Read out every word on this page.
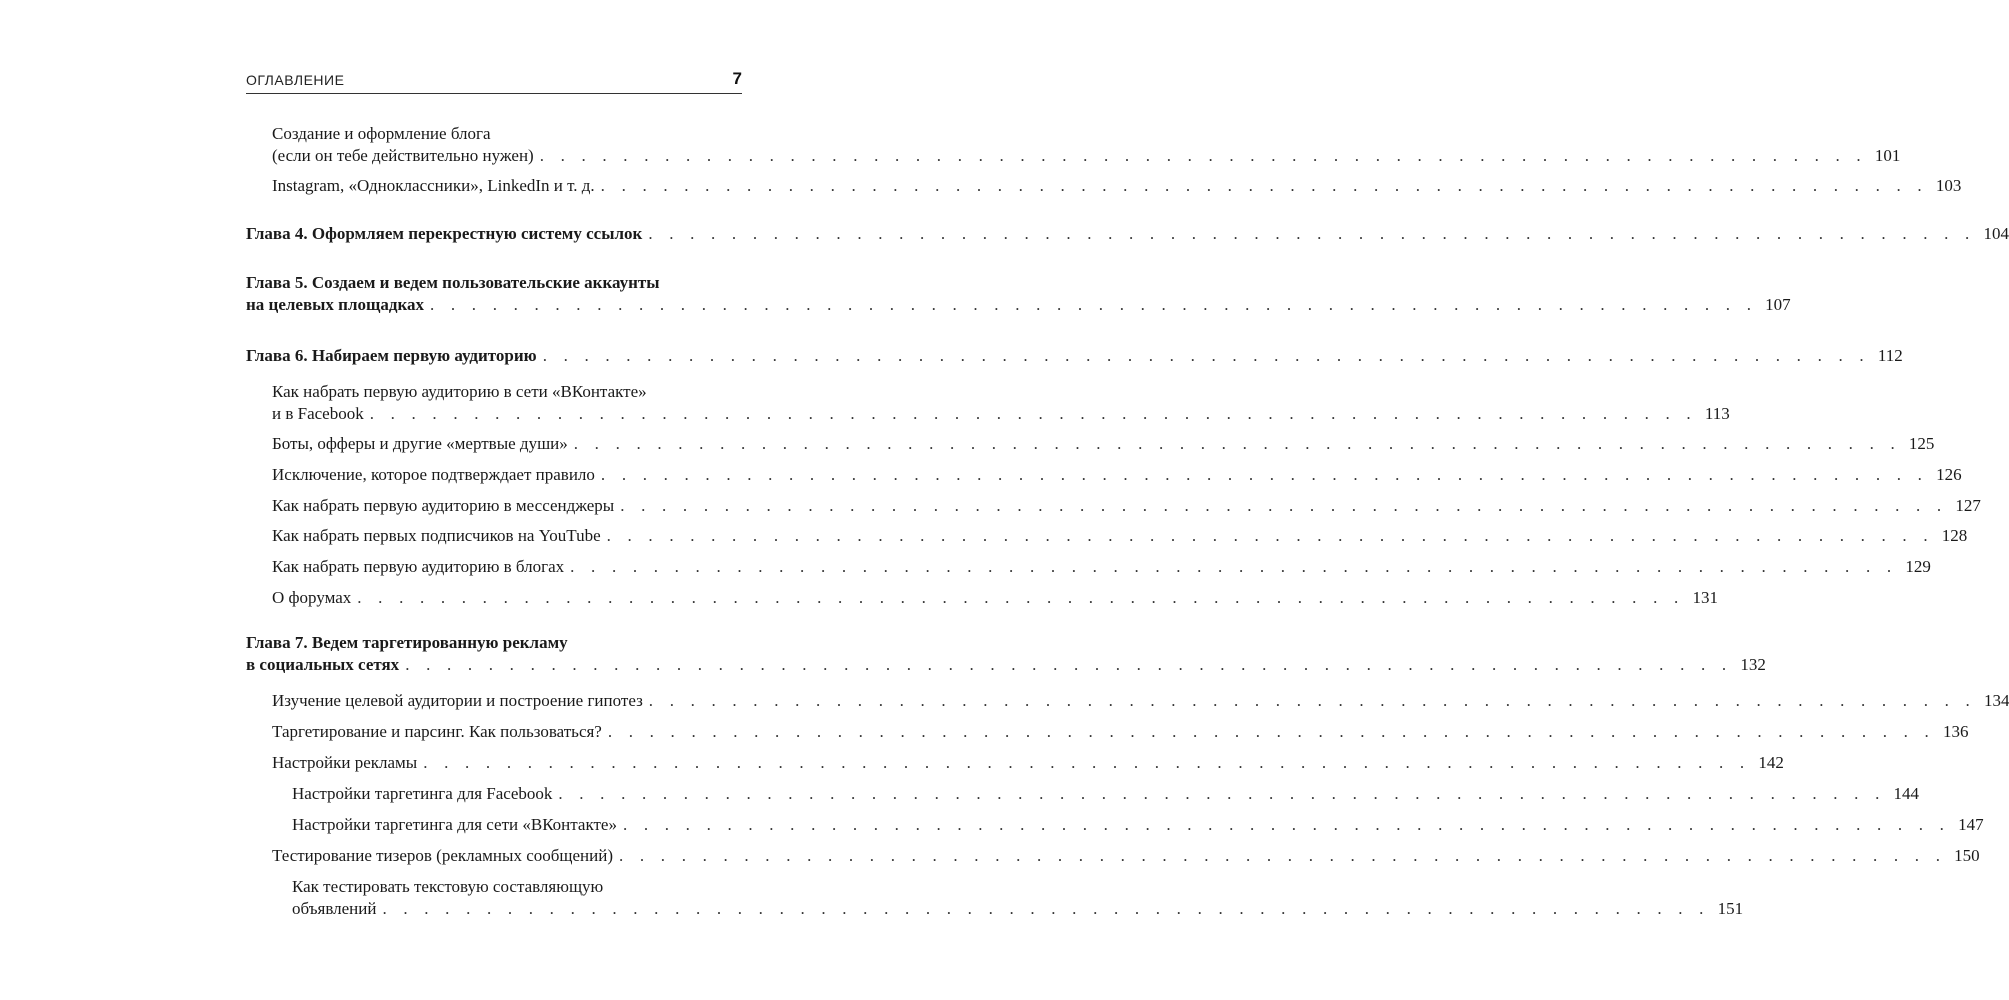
ОГЛАВЛЕНИЕ	7
Создание и оформление блога
(если он тебе действительно нужен) . . .	101
Instagram, «Одноклассники», LinkedIn и т. д. . . .	103
Глава 4. Оформляем перекрестную систему ссылок . . .	104
Глава 5. Создаем и ведем пользовательские аккаунты
на целевых площадках . . .	107
Глава 6. Набираем первую аудиторию . . .	112
Как набрать первую аудиторию в сети «ВКонтакте»
и в Facebook . . .	113
Боты, офферы и другие «мертвые души» . . .	125
Исключение, которое подтверждает правило . . .	126
Как набрать первую аудиторию в мессенджеры . . .	127
Как набрать первых подписчиков на YouTube . . .	128
Как набрать первую аудиторию в блогах . . .	129
О форумах . . .	131
Глава 7. Ведем таргетированную рекламу
в социальных сетях . . .	132
Изучение целевой аудитории и построение гипотез . . .	134
Таргетирование и парсинг. Как пользоваться? . . .	136
Настройки рекламы . . .	142
Настройки таргетинга для Facebook . . .	144
Настройки таргетинга для сети «ВКонтакте» . . .	147
Тестирование тизеров (рекламных сообщений) . . .	150
Как тестировать текстовую составляющую
объявлений . . .	151
